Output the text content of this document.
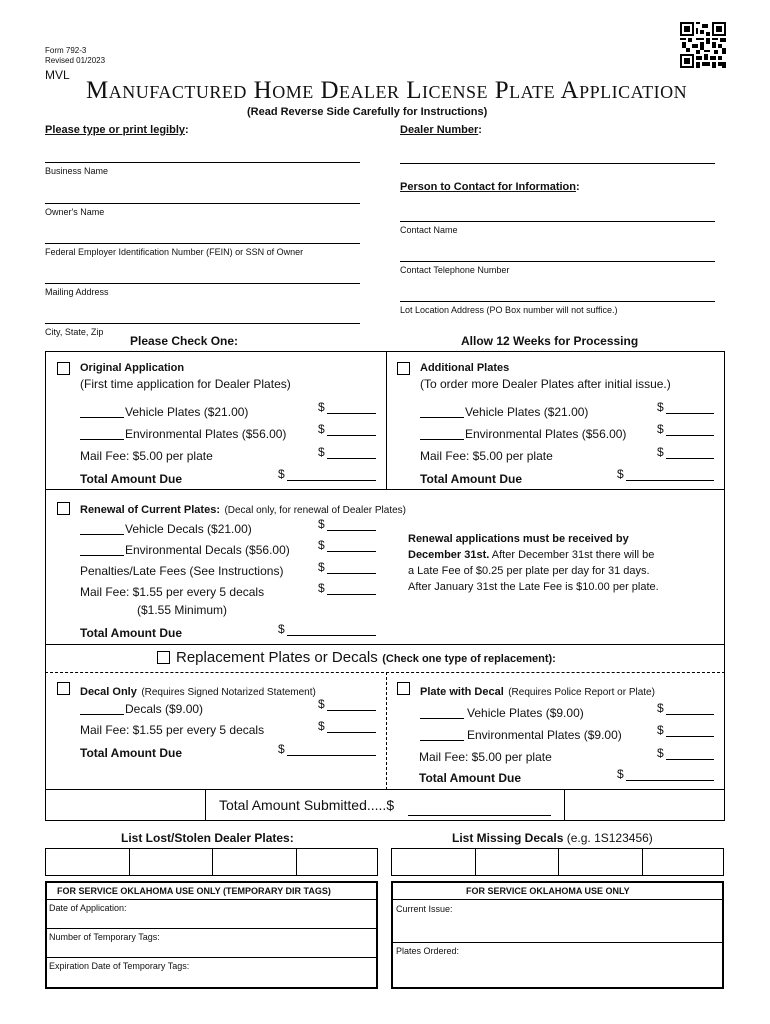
Form 792-3
Revised 01/2023
MVL
Manufactured Home Dealer License Plate Application
(Read Reverse Side Carefully for Instructions)
Please type or print legibly:
Business Name
Owner's Name
Federal Employer Identification Number (FEIN) or SSN of Owner
Mailing Address
City, State, Zip
Dealer Number:
Person to Contact for Information:
Contact Name
Contact Telephone Number
Lot Location Address (PO Box number will not suffice.)
Please Check One:	Allow 12 Weeks for Processing
Original Application
(First time application for Dealer Plates)
Vehicle Plates ($21.00)	$
Environmental Plates ($56.00)	$
Mail Fee: $5.00 per plate	$
Total Amount Due	$
Additional Plates
(To order more Dealer Plates after initial issue.)
Vehicle Plates ($21.00)	$
Environmental Plates ($56.00)	$
Mail Fee: $5.00 per plate	$
Total Amount Due	$
Renewal of Current Plates: (Decal only, for renewal of Dealer Plates)
Vehicle Decals ($21.00)	$
Environmental Decals ($56.00) $
Penalties/Late Fees (See Instructions)	$
Mail Fee: $1.55 per every 5 decals	$
($1.55 Minimum)
Total Amount Due	$
Renewal applications must be received by
December 31st. After December 31st there will be
a Late Fee of $0.25 per plate per day for 31 days.
After January 31st the Late Fee is $10.00 per plate.
Replacement Plates or Decals (Check one type of replacement):
Decal Only (Requires Signed Notarized Statement)
Decals ($9.00)	$
Mail Fee: $1.55 per every 5 decals	$
Total Amount Due	$
Plate with Decal (Requires Police Report or Plate)
Vehicle Plates ($9.00)	$
Environmental Plates ($9.00)	$
Mail Fee: $5.00 per plate	$
Total Amount Due	$
Total Amount Submitted.....$
List Lost/Stolen Dealer Plates:	List Missing Decals (e.g. 1S123456)
FOR SERVICE OKLAHOMA USE ONLY (TEMPORARY DIR TAGS)
Date of Application:
Number of Temporary Tags:
Expiration Date of Temporary Tags:
FOR SERVICE OKLAHOMA USE ONLY
Current Issue:
Plates Ordered:
